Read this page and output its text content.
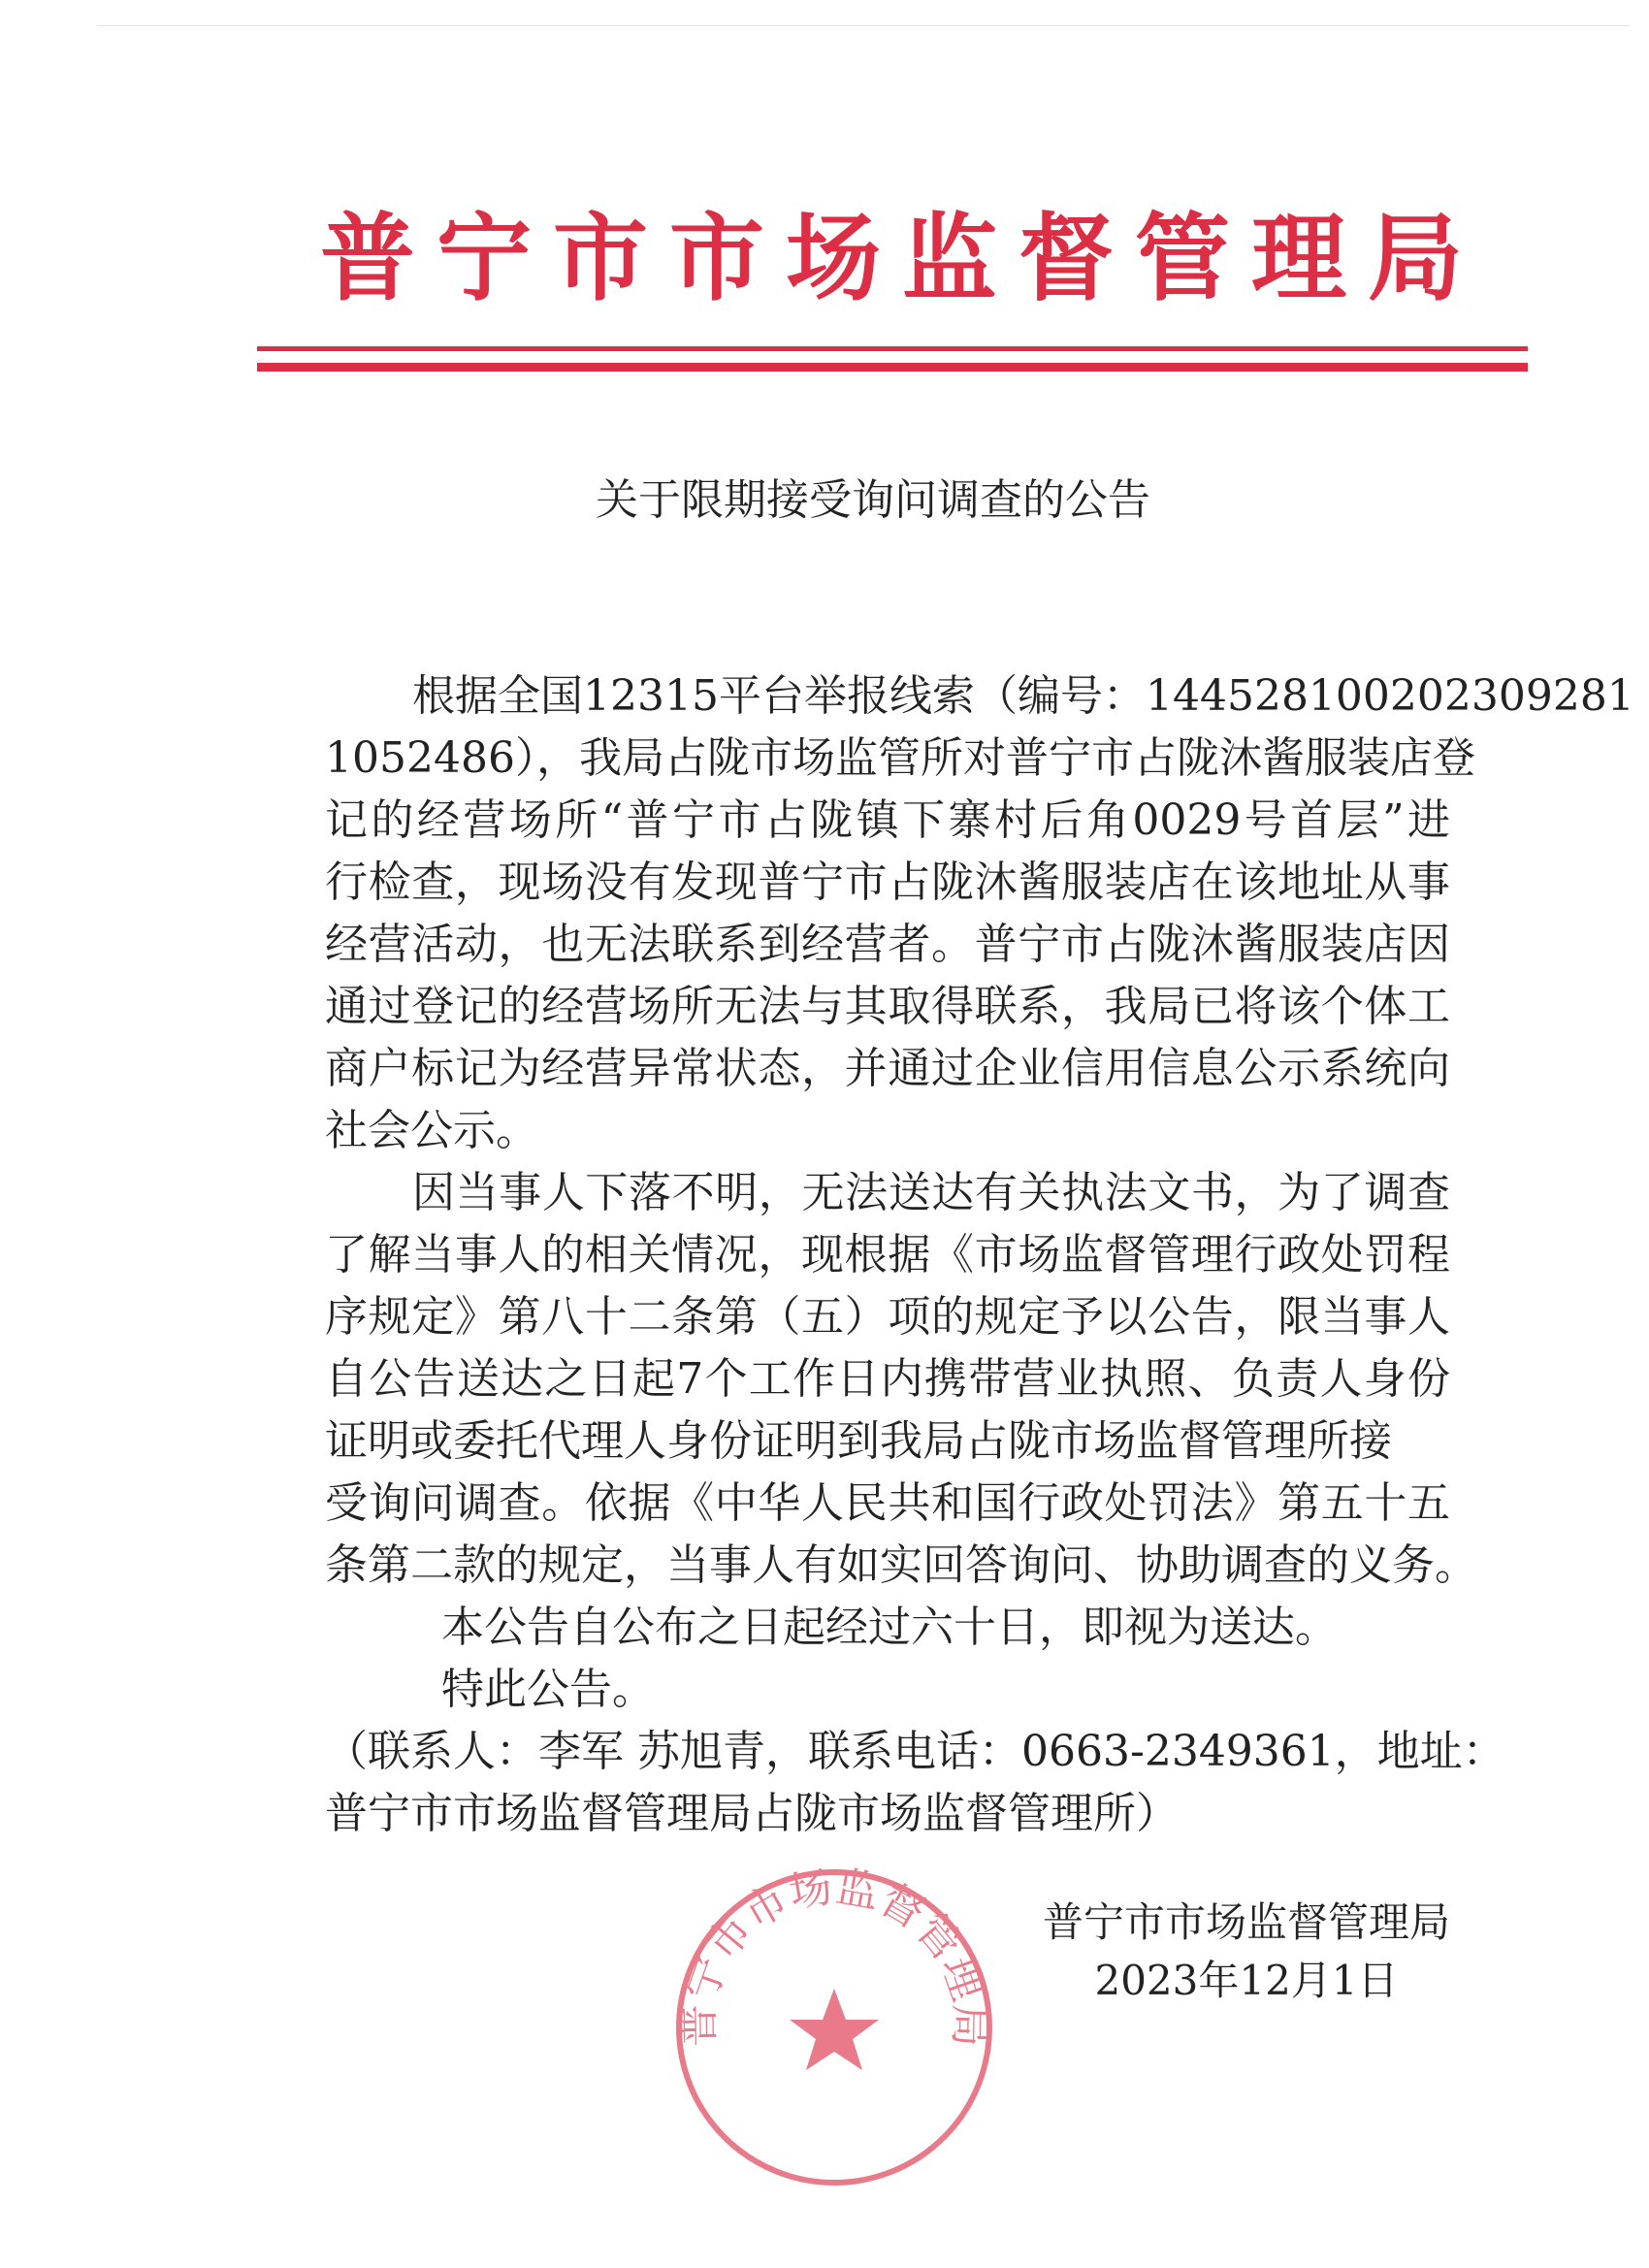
普宁市市场监督管理局
关于限期接受询问调查的公告
根据全国12315平台举报线索（编号：144528100202309281
1052486），我局占陇市场监管所对普宁市占陇沐酱服装店登
记的经营场所“普宁市占陇镇下寨村后角0029号首层”进
行检查，现场没有发现普宁市占陇沐酱服装店在该地址从事
经营活动，也无法联系到经营者。普宁市占陇沐酱服装店因
通过登记的经营场所无法与其取得联系，我局已将该个体工
商户标记为经营异常状态，并通过企业信用信息公示系统向
社会公示。
因当事人下落不明，无法送达有关执法文书，为了调查
了解当事人的相关情况，现根据《市场监督管理行政处罚程
序规定》第八十二条第（五）项的规定予以公告，限当事人
自公告送达之日起7个工作日内携带营业执照、负责人身份
证明或委托代理人身份证明到我局占陇市场监督管理所接
受询问调查。依据《中华人民共和国行政处罚法》第五十五
条第二款的规定，当事人有如实回答询问、协助调查的义务。
本公告自公布之日起经过六十日，即视为送达。
特此公告。
（联系人：李军 苏旭青，联系电话：0663-2349361，地址：
普宁市市场监督管理局占陇市场监督管理所）
普宁市市场监督管理局
普宁市市场监督管理局
2023年12月1日
